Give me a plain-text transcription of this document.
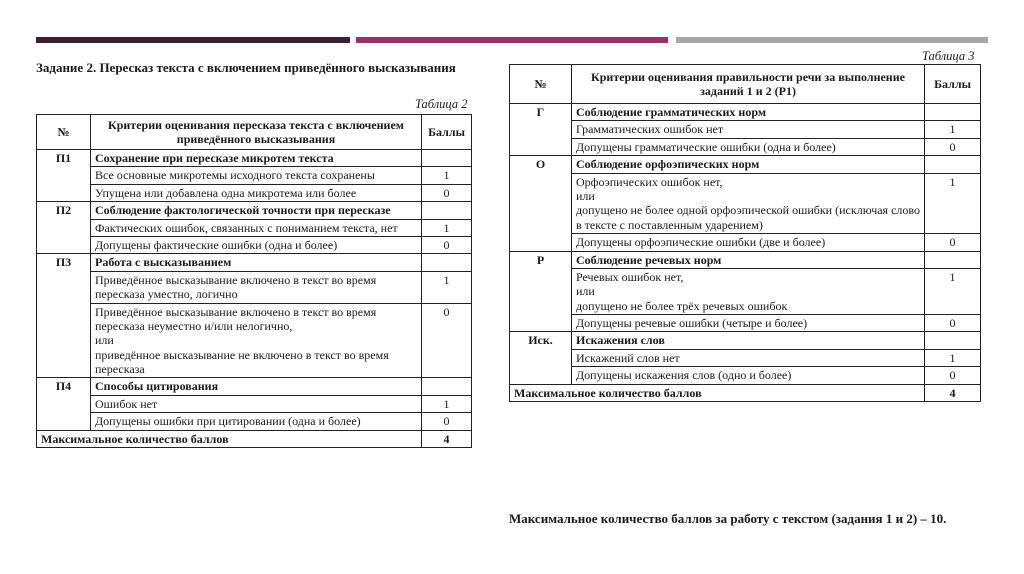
Задание 2. Пересказ текста с включением приведённого высказывания
Таблица 2
№	Критерии оценивания пересказа текста с включением приведённого высказывания	Баллы
П1	Сохранение при пересказе микротем текста	
	Все основные микротемы исходного текста сохранены	1
	Упущена или добавлена одна микротема или более	0
П2	Соблюдение фактологической точности при пересказе	
	Фактических ошибок, связанных с пониманием текста, нет	1
	Допущены фактические ошибки (одна и более)	0
П3	Работа с высказыванием	
	Приведённое высказывание включено в текст во время пересказа уместно, логично	1
	Приведённое высказывание включено в текст во время пересказа неуместно и/или нелогично,
или
приведённое высказывание не включено в текст во время пересказа	0
П4	Способы цитирования	
	Ошибок нет	1
	Допущены ошибки при цитировании (одна и более)	0
Максимальное количество баллов		4
Таблица 3
№	Критерии оценивания правильности речи за выполнение заданий 1 и 2 (Р1)	Баллы
Г	Соблюдение грамматических норм	
	Грамматических ошибок нет	1
	Допущены грамматические ошибки (одна и более)	0
О	Соблюдение орфоэпических норм	
	Орфоэпических ошибок нет,
или

допущено не более одной орфоэпической ошибки (исключая слово в тексте с поставленным ударением)	1
	Допущены орфоэпические ошибки (две и более)	0
Р	Соблюдение речевых норм	
	Речевых ошибок нет,
или
допущено не более трёх речевых ошибок	1
	Допущены речевые ошибки (четыре и более)	0
Иск.	Искажения слов	
	Искажений слов нет	1
	Допущены искажения слов (одно и более)	0
Максимальное количество баллов		4
Максимальное количество баллов за работу с текстом (задания 1 и 2) – 10.
